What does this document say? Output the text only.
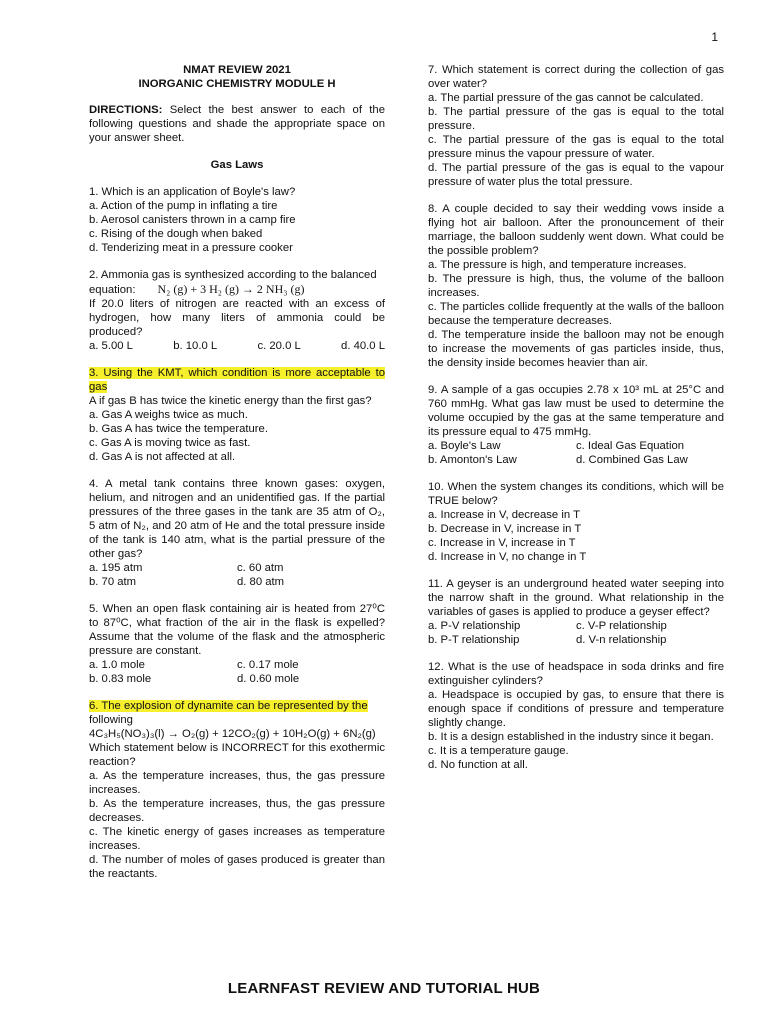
1
NMAT REVIEW 2021
INORGANIC CHEMISTRY MODULE H
DIRECTIONS: Select the best answer to each of the following questions and shade the appropriate space on your answer sheet.
Gas Laws
1. Which is an application of Boyle's law?
a. Action of the pump in inflating a tire
b. Aerosol canisters thrown in a camp fire
c. Rising of the dough when baked
d. Tenderizing meat in a pressure cooker
2. Ammonia gas is synthesized according to the balanced
equation: N₂ (g) + 3 H₂ (g) → 2 NH₃ (g)
If 20.0 liters of nitrogen are reacted with an excess of hydrogen, how many liters of ammonia could be produced?
a. 5.00 L	b. 10.0 L	c. 20.0 L	d. 40.0 L
3. Using the KMT, which condition is more acceptable to gas
A if gas B has twice the kinetic energy than the first gas?
a. Gas A weighs twice as much.
b. Gas A has twice the temperature.
c. Gas A is moving twice as fast.
d. Gas A is not affected at all.
4. A metal tank contains three known gases: oxygen, helium, and nitrogen and an unidentified gas. If the partial pressures of the three gases in the tank are 35 atm of O₂, 5 atm of N₂, and 20 atm of He and the total pressure inside of the tank is 140 atm, what is the partial pressure of the other gas?
a. 195 atm	c. 60 atm
b. 70 atm	d. 80 atm
5. When an open flask containing air is heated from 27⁰C to 87⁰C, what fraction of the air in the flask is expelled? Assume that the volume of the flask and the atmospheric pressure are constant.
a. 1.0 mole	c. 0.17 mole
b. 0.83 mole	d. 0.60 mole
6. The explosion of dynamite can be represented by the
following
4C₃H₅(NO₃)₃(l) → O₂(g) + 12CO₂(g) + 10H₂O(g) + 6N₂(g)
Which statement below is INCORRECT for this exothermic reaction?
a. As the temperature increases, thus, the gas pressure increases.
b. As the temperature increases, thus, the gas pressure decreases.
c. The kinetic energy of gases increases as temperature increases.
d. The number of moles of gases produced is greater than the reactants.
7. Which statement is correct during the collection of gas over water?
a. The partial pressure of the gas cannot be calculated.
b. The partial pressure of the gas is equal to the total pressure.
c. The partial pressure of the gas is equal to the total pressure minus the vapour pressure of water.
d. The partial pressure of the gas is equal to the vapour pressure of water plus the total pressure.
8. A couple decided to say their wedding vows inside a flying hot air balloon. After the pronouncement of their marriage, the balloon suddenly went down. What could be the possible problem?
a. The pressure is high, and temperature increases.
b. The pressure is high, thus, the volume of the balloon increases.
c. The particles collide frequently at the walls of the balloon because the temperature decreases.
d. The temperature inside the balloon may not be enough to increase the movements of gas particles inside, thus, the density inside becomes heavier than air.
9. A sample of a gas occupies 2.78 x 10³ mL at 25°C and 760 mmHg. What gas law must be used to determine the volume occupied by the gas at the same temperature and its pressure equal to 475 mmHg.
a. Boyle's Law	c. Ideal Gas Equation
b. Amonton's Law	d. Combined Gas Law
10. When the system changes its conditions, which will be TRUE below?
a. Increase in V, decrease in T
b. Decrease in V, increase in T
c. Increase in V, increase in T
d. Increase in V, no change in T
11. A geyser is an underground heated water seeping into the narrow shaft in the ground. What relationship in the variables of gases is applied to produce a geyser effect?
a. P-V relationship	c. V-P relationship
b. P-T relationship	d. V-n relationship
12. What is the use of headspace in soda drinks and fire extinguisher cylinders?
a. Headspace is occupied by gas, to ensure that there is enough space if conditions of pressure and temperature slightly change.
b. It is a design established in the industry since it began.
c. It is a temperature gauge.
d. No function at all.
LEARNFAST REVIEW AND TUTORIAL HUB
